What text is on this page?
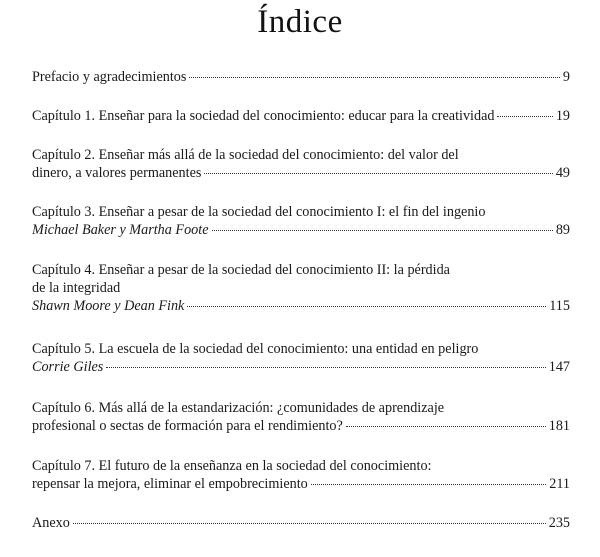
Índice
Prefacio y agradecimientos	9
Capítulo 1. Enseñar para la sociedad del conocimiento: educar para la creatividad	19
Capítulo 2. Enseñar más allá de la sociedad del conocimiento: del valor del
dinero, a valores permanentes	49
Capítulo 3. Enseñar a pesar de la sociedad del conocimiento I: el fin del ingenio
Michael Baker y Martha Foote	89
Capítulo 4. Enseñar a pesar de la sociedad del conocimiento II: la pérdida
de la integridad
Shawn Moore y Dean Fink	115
Capítulo 5. La escuela de la sociedad del conocimiento: una entidad en peligro
Corrie Giles	147
Capítulo 6. Más allá de la estandarización: ¿comunidades de aprendizaje
profesional o sectas de formación para el rendimiento?	181
Capítulo 7. El futuro de la enseñanza en la sociedad del conocimiento:
repensar la mejora, eliminar el empobrecimiento	211
Anexo	235
